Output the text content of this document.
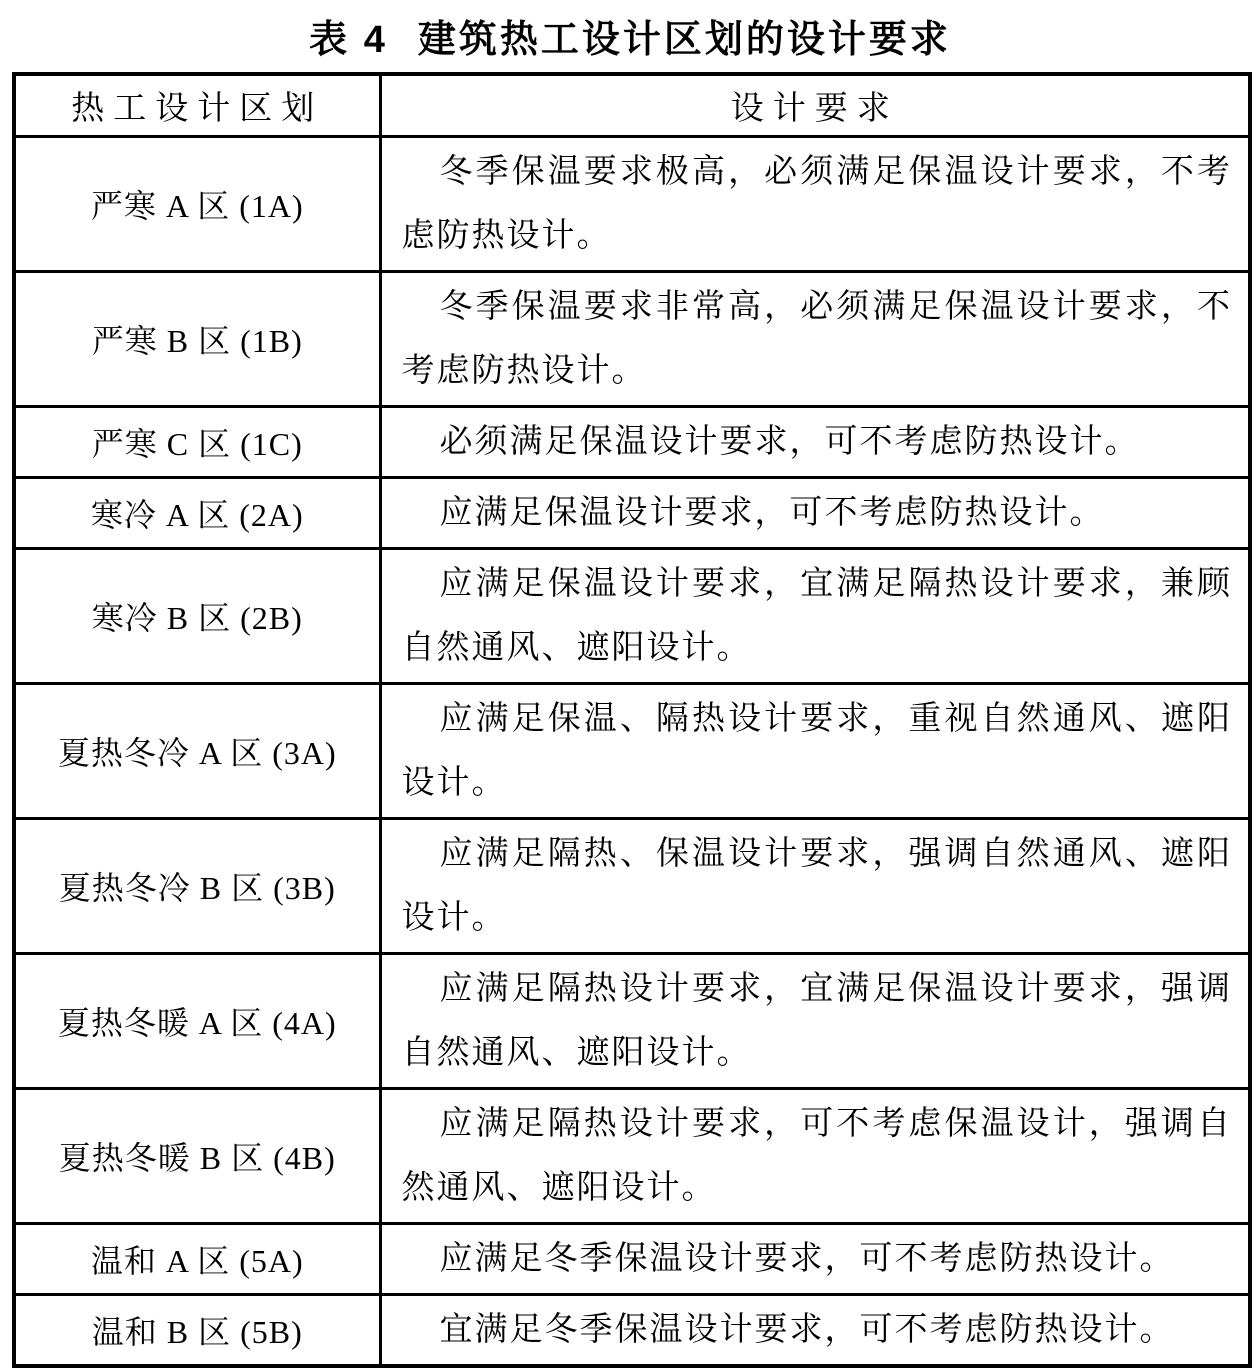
表 4 建筑热工设计区划的设计要求
热工设计区划	设计要求
严寒 A 区 (1A)	冬季保温要求极高，必须满足保温设计要求，不考虑防热设计。
严寒 B 区 (1B)	冬季保温要求非常高，必须满足保温设计要求，不考虑防热设计。
严寒 C 区 (1C)	必须满足保温设计要求，可不考虑防热设计。
寒冷 A 区 (2A)	应满足保温设计要求，可不考虑防热设计。
寒冷 B 区 (2B)	应满足保温设计要求，宜满足隔热设计要求，兼顾自然通风、遮阳设计。
夏热冬冷 A 区 (3A)	应满足保温、隔热设计要求，重视自然通风、遮阳设计。
夏热冬冷 B 区 (3B)	应满足隔热、保温设计要求，强调自然通风、遮阳设计。
夏热冬暖 A 区 (4A)	应满足隔热设计要求，宜满足保温设计要求，强调自然通风、遮阳设计。
夏热冬暖 B 区 (4B)	应满足隔热设计要求，可不考虑保温设计，强调自然通风、遮阳设计。
温和 A 区 (5A)	应满足冬季保温设计要求，可不考虑防热设计。
温和 B 区 (5B)	宜满足冬季保温设计要求，可不考虑防热设计。
